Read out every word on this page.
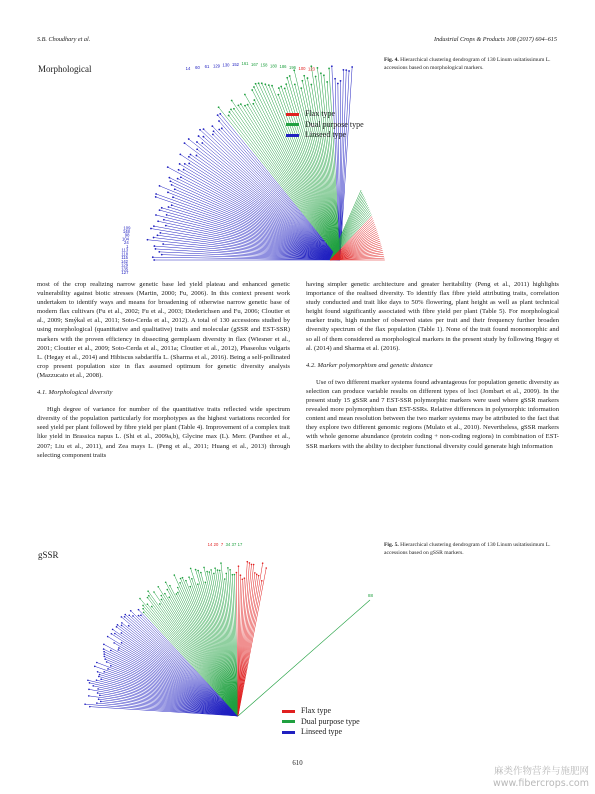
S.B. Choudhary et al.	Industrial Crops & Products 108 (2017) 604–615
Morphological
127
135
129
142
115
118
113
1
24
104
98
148
109
14 60 61 129 130 152 161 167 158 180 186 196 100 123
Flax type
Dual purpose type
Linseed type
Fig. 4. Hierarchical clustering dendrogram of 130 Linum usitatissimum L. accessions based on morphological markers.

most of the crop realizing narrow genetic base led yield plateau and enhanced genetic vulnerability against biotic stresses (Martin, 2000; Fu, 2006). In this context present work undertaken to identify ways and means for broadening of otherwise narrow genetic base of modern flax cultivars (Fu et al., 2002; Fu et al., 2003; Diederichsen and Fu, 2006; Cloutier et al., 2009; Smýkal et al., 2011; Soto-Cerda et al., 2012). A total of 130 accessions studied by using morphological (quantitative and qualitative) traits and molecular (gSSR and EST-SSR) markers with the proven efficiency in dissecting germplasm diversity in flax (Wiesner et al., 2001; Cloutier et al., 2009; Soto-Cerda et al., 2011a; Cloutier et al., 2012), Phaseolus vulgaris L. (Hegay et al., 2014) and Hibiscus sabdariffa L. (Sharma et al., 2016). Being a self-pollinated crop present population size in flax assumed optimum for genetic diversity analysis (Mazzucato et al., 2008).

4.1. Morphological diversity

High degree of variance for number of the quantitative traits reflected wide spectrum diversity of the population particularly for morphotypes as the highest variations recorded for seed yield per plant followed by fibre yield per plant (Table 4). Improvement of a complex trait like yield in Brassica napus L. (Shi et al., 2009a,b), Glycine max (L). Merr. (Panthee et al., 2007; Liu et al., 2011), and Zea mays L. (Peng et al., 2011; Huang et al., 2013) through selecting component traits

having simpler genetic architecture and greater heritability (Peng et al., 2011) highlights importance of the realised diversity. To identify flax fibre yield attributing traits, correlation study conducted and trait like days to 50% flowering, plant height as well as plant technical height found significantly associated with fibre yield per plant (Table 5). For morphological marker traits, high number of observed states per trait and their frequency further broaden diversity spectrum of the flax population (Table 1). None of the trait found monomorphic and so all of them considered as morphological markers in the present study by following Hegay et al. (2014) and Sharma et al. (2016).

4.2. Marker polymorphism and genetic distance

Use of two different marker systems found advantageous for population genetic diversity as selection can produce variable results on different types of loci (Jombart et al., 2009). In the present study 15 gSSR and 7 EST-SSR polymorphic markers were used where gSSR markers revealed more polymorphism than EST-SSRs. Relative differences in polymorphic information content and mean resolution between the two marker systems may be attributed to the fact that they explore two different genomic regions (Mulato et al., 2010). Nevertheless, gSSR markers with whole genome abundance (protein coding + non-coding regions) in combination of EST-SSR markers with the ability to decipher functional diversity could generate high information

gSSR
88
14 20 7 34 37 17
Flax type
Dual purpose type
Linseed type
Fig. 5. Hierarchical clustering dendrogram of 130 Linum usitatissimum L. accessions based on gSSR markers.
610
麻类作物营养与施肥网
www.fibercrops.com
